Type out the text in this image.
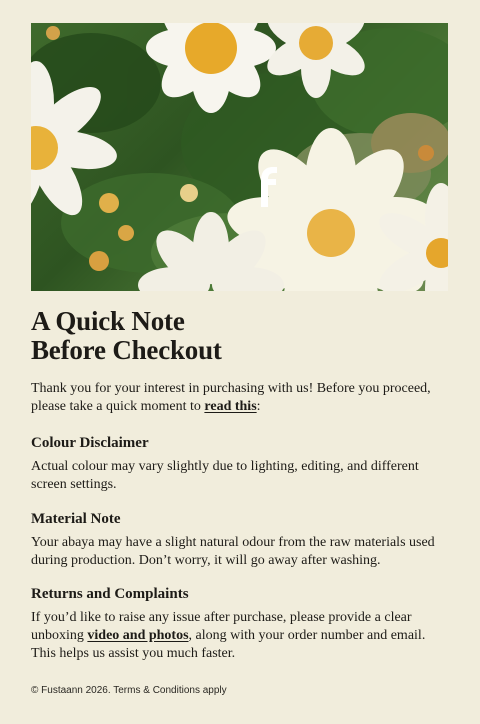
A Quick Note
Before Checkout

Thank you for your interest in purchasing with us! Before you proceed, please take a quick moment to read this:

Colour Disclaimer

Actual colour may vary slightly due to lighting, editing, and different screen settings.

Material Note

Your abaya may have a slight natural odour from the raw materials used during production. Don’t worry, it will go away after washing.

Returns and Complaints

If you’d like to raise any issue after purchase, please provide a clear unboxing video and photos, along with your order number and email. This helps us assist you much faster.

© Fustaann 2026. Terms & Conditions apply
